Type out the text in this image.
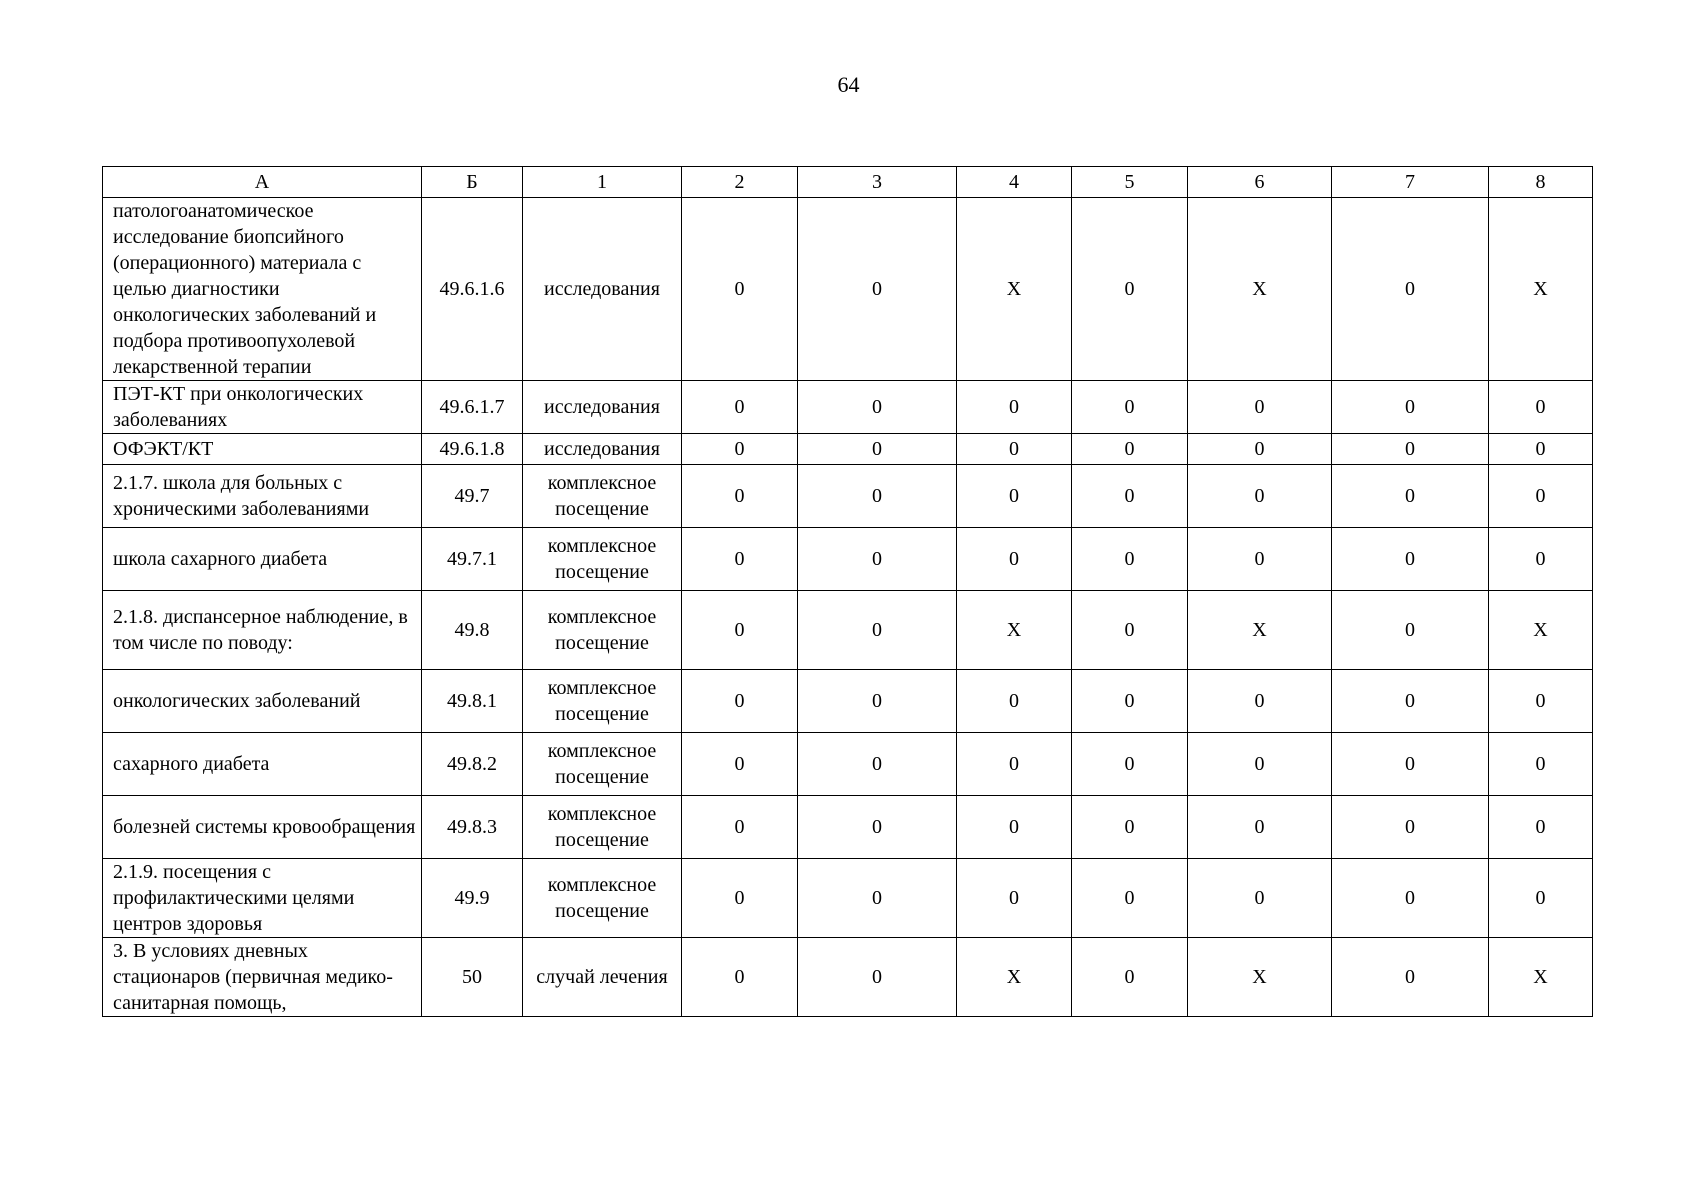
64
А	Б	1	2	3	4	5	6	7	8
патологоанатомическое исследование биопсийного (операционного) материала с целью диагностики онкологических заболеваний и подбора противоопухолевой лекарственной терапии	49.6.1.6	исследования	0	0	X	0	X	0	X
ПЭТ-КТ при онкологических заболеваниях	49.6.1.7	исследования	0	0	0	0	0	0	0
ОФЭКТ/КТ	49.6.1.8	исследования	0	0	0	0	0	0	0
2.1.7. школа для больных с хроническими заболеваниями	49.7	комплексное посещение	0	0	0	0	0	0	0
школа сахарного диабета	49.7.1	комплексное посещение	0	0	0	0	0	0	0
2.1.8. диспансерное наблюдение, в том числе по поводу:	49.8	комплексное посещение	0	0	X	0	X	0	X
онкологических заболеваний	49.8.1	комплексное посещение	0	0	0	0	0	0	0
сахарного диабета	49.8.2	комплексное посещение	0	0	0	0	0	0	0
болезней системы кровообращения	49.8.3	комплексное посещение	0	0	0	0	0	0	0
2.1.9. посещения с профилактическими целями центров здоровья	49.9	комплексное посещение	0	0	0	0	0	0	0
3. В условиях дневных стационаров (первичная медико-санитарная помощь,	50	случай лечения	0	0	X	0	X	0	X
